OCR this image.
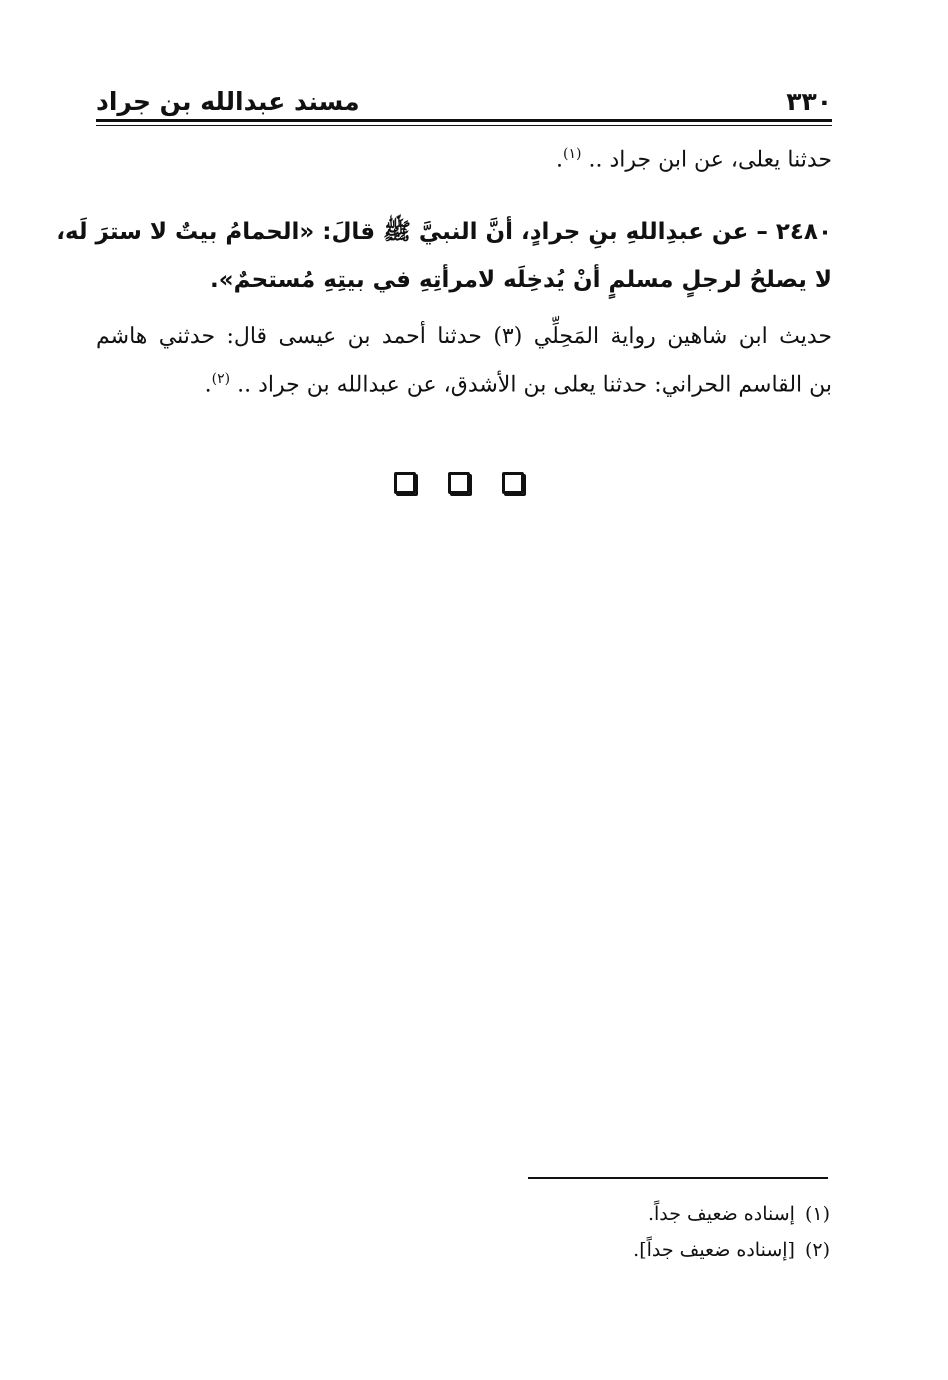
٣٣٠
مسند عبدالله بن جراد
حدثنا يعلى، عن ابن جراد .. $^{(١)}$.
٢٤٨٠ – عن عبدِاللهِ بنِ جرادٍ، أنَّ النبيَّ ﷺ قالَ: «الحمامُ بيتٌ لا سترَ لَه،
لا يصلحُ لرجلٍ مسلمٍ أنْ يُدخِلَه لامرأتِهِ في بيتِهِ مُستحمٌ».
حديث ابن شاهين رواية المَحِلِّي (٣) حدثنا أحمد بن عيسى قال: حدثني هاشم
بن القاسم الحراني: حدثنا يعلى بن الأشدق، عن عبدالله بن جراد .. $^{(٢)}$.
(١)إسناده ضعيف جداً.
(٢)[إسناده ضعيف جداً].
